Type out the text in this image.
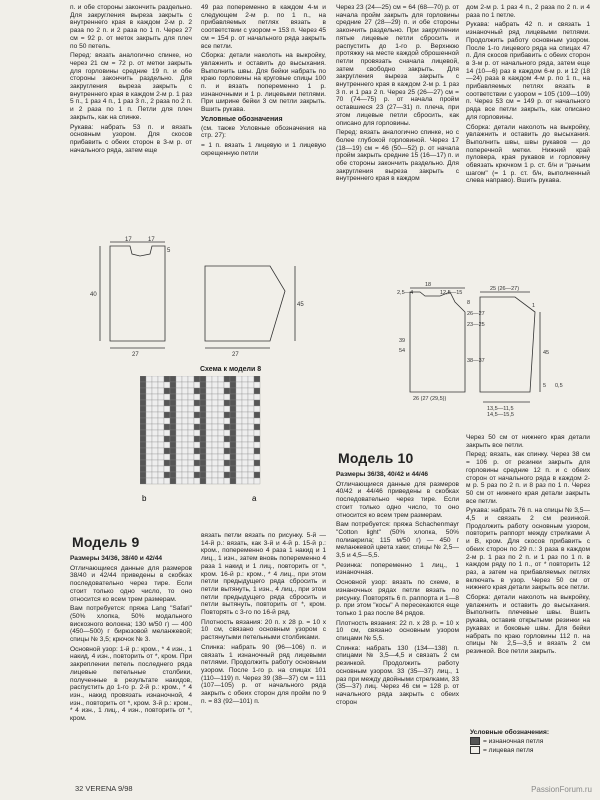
п. и обе стороны закончить раздельно. Для закругления выреза закрыть с внутреннего края в каждом 2-м р. 2 раза по 2 п. и 2 раза по 1 п. Через 27 см = 92 р. от меток закрыть для плеч по 50 петель.

Перед: вязать аналогично спинке, но через 21 см = 72 р. от метки закрыть для горловины средние 19 п. и обе стороны закончить раздельно. Для закругления выреза закрыть с внутреннего края в каждом 2-м р. 1 раз 5 п., 1 раз 4 п., 1 раз 3 п., 2 раза по 2 п. и 2 раза по 1 п. Петли для плеч закрыть, как на спинке.

Рукава: набрать 53 п. и вязать основным узором. Для скосов прибавить с обеих сторон в 3-м р. от начального ряда, затем еще

49 раз попеременно в каждом 4-м и следующем 2-м р. по 1 п., на прибавляемых петлях вязать в соответствии с узором = 153 п. Через 45 см = 154 р. от начального ряда закрыть все петли.

Сборка: детали наколоть на выкройку, увлажнить и оставить до высыхания. Выполнить швы. Для бейки набрать по краю горловины на круговые спицы 100 п. и вязать попеременно 1 р. изнаночными и 1 р. лицевыми петлями. При ширине бейки 3 см петли закрыть. Вшить рукава.

Условные обозначения

(см. также Условные обозначения на стр. 27):

= 1 п. вязать 1 лицевую и 1 лицевую скрещенную петли

Через 23 (24—25) см = 64 (68—70) р. от начала пройм закрыть для горловины средние 27 (28—29) п. и обе стороны закончить раздельно. При закруглении пятые лицевые петли сбросить и распустить до 1-го р. Верхнюю протяжку на месте каждой сброшенной петли провязать сначала лицевой, затем свободно закрыть. Для закругления выреза закрыть с внутреннего края в каждом 2-м р. 1 раз 3 п. и 1 раз 2 п. Через 25 (26—27) см = 70 (74—75) р. от начала пройм оставшиеся 23 (27—31) п. плеча, при этом лицевые петли сбросить, как описано для горловины.

Перед: вязать аналогично спинке, но с более глубокой горловиной. Через 17 (18—19) см = 46 (50—52) р. от начала пройм закрыть средние 15 (16—17) п. и обе стороны закончить раздельно. Для закругления выреза закрыть с внутреннего края в каждом

дом 2-м р. 1 раз 4 п., 2 раза по 2 п. и 4 раза по 1 петле.

Рукава: набрать 42 п. и связать 1 изнаночный ряд лицевыми петлями. Продолжить работу основным узором. После 1-го лицевого ряда на спицах 47 п. Для скосов прибавить с обеих сторон в 3-м р. от начального ряда, затем еще 14 (10—6) раз в каждом 6-м р. и 12 (18—24) раза в каждом 4-м р. по 1 п., на прибавляемых петлях вязать в соответствии с узором = 105 (109—109) п. Через 53 см = 149 р. от начального ряда все петли закрыть, как описано для горловины.

Сборка: детали наколоть на выкройку, увлажнить и оставить до высыхания. Выполнить швы, швы рукавов — до поперечной метки. Нижний край пуловера, края рукавов и горловину обвязать крючком 1 р. ст. б/н и "рачьим шагом" (= 1 р. ст. б/н, выполненный слева направо). Вшить рукава.

17	17
27	27
45
40
5
Схема к модели 8
b	a
18
12,5—15
2,5—4
8
26—27
23—25
39
54
38—37
26 (27 (29,5))
25 (26—27)
1
13,5—11,5
14,5—15,5
45
5 0,5
Модель 9

Размеры 34/36, 38/40 и 42/44

Отличающиеся данные для размеров 38/40 и 42/44 приведены в скобках последовательно через тире. Если стоит только одно число, то оно относится ко всем трем размерам.

Вам потребуется: пряжа Lang "Safari" (50% хлопка, 50% модального вискозного волокна; 130 м/50 г) — 400 (450—500) г бирюзовой меланжевой; спицы № 3,5; крючок № 3.

Основной узор: 1-й р.: кром., * 4 изн., 1 накид, 4 изн., повторить от *, кром. При закреплении петель последнего ряда лицевые петельные столбики, полученные в результате накидов, распустить до 1-го р. 2-й р.: кром., * 4 изн., накид провязать изнаночной, 4 изн., повторить от *, кром. 3-й р.: кром., * 4 изн., 1 лиц., 4 изн., повторить от *, кром.

вязать петли вязать по рисунку. 5-й — 14-й р.: вязать, как 3-й и 4-й р. 15-й р.: кром., попеременно 4 раза 1 накид и 1 лиц., 1 изн., затем вновь попеременно 4 раза 1 накид и 1 лиц., повторить от *, кром. 16-й р.: кром., * 4 лиц., при этом петли предыдущего ряда сбросить и петли вытянуть, 1 изн., 4 лиц., при этом петли предыдущего ряда сбросить и петли вытянуть, повторить от *, кром. Повторять с 3-го по 16-й ряд.

Плотность вязания: 20 п. х 28 р. = 10 х 10 см, связано основным узором с растянутыми петельными столбиками.

Спинка: набрать 90 (96—106) п. и связать 1 изнаночный ряд лицевыми петлями. Продолжить работу основным узором. После 1-го р. на спицах 101 (110—119) п. Через 39 (38—37) см = 111 (107—105) р. от начального ряда закрыть с обеих сторон для пройм по 9 п. = 83 (92—101) п.

Модель 10

Размеры 36/38, 40/42 и 44/46

Отличающиеся данные для размеров 40/42 и 44/46 приведены в скобках последовательно через тире. Если стоит только одно число, то оно относится ко всем трем размерам.

Вам потребуется: пряжа Schachenmayr "Cotton light" (50% хлопка, 50% полиакрила; 115 м/50 г) — 450 г меланжевой цвета хаки; спицы № 2,5—3,5 и 4,5—5,5.

Резинка: попеременно 1 лиц., 1 изнаночная.

Основной узор: вязать по схеме, в изнаночных рядах петли вязать по рисунку. Повторять 6 п. раппорта и 1—8 р. при этом "косы" А пересекаются еще только 1 раз после 84 рядов.

Плотность вязания: 22 п. х 28 р. = 10 х 10 см, связано основным узором спицами № 5,5.

Спинка: набрать 130 (134—138) п. спицами № 3,5—4,5 и связать 2 см резинкой. Продолжить работу основным узором. 33 (35—37) лиц., 1 раз при между двойными стрелками, 33 (35—37) лиц. Через 46 см = 128 р. от начального ряда закрыть с обеих сторон

Через 50 см от нижнего края детали закрыть все петли.

Перед: вязать, как спинку. Через 38 см = 106 р. от резинки закрыть для горловины средние 12 п. и с обеих сторон от начального ряда в каждом 2-м р. 5 раз по 2 п. и 8 раз по 1 п. Через 50 см от нижнего края детали закрыть все петли.

Рукава: набрать 76 п. на спицы № 3,5—4,5 и связать 2 см резинкой. Продолжить работу основным узором, повторить раппорт между стрелками А и В, кром. Для скосов прибавить с обеих сторон по 29 п.: 3 раза в каждом 2-м р. 1 раз по 2 п. и 1 раз по 1 п. в каждом ряду по 1 п., от * повторить 12 раз, а затем на прибавляемых петлях включать в узор. Через 50 см от нижнего края детали закрыть все петли.

Сборка: детали наколоть на выкройку, увлажнить и оставить до высыхания. Выполнить плечевые швы. Вшить рукава, оставив открытыми резинки на рукавах и боковые швы. Для бейки набрать по краю горловины 112 п. на спицы № 2,5—3,5 и вязать 2 см резинкой. Все петли закрыть.

Условные обозначения:
= изнаночная петля
= лицевая петля
32 VERENA 9/98	PassionForum.ru
